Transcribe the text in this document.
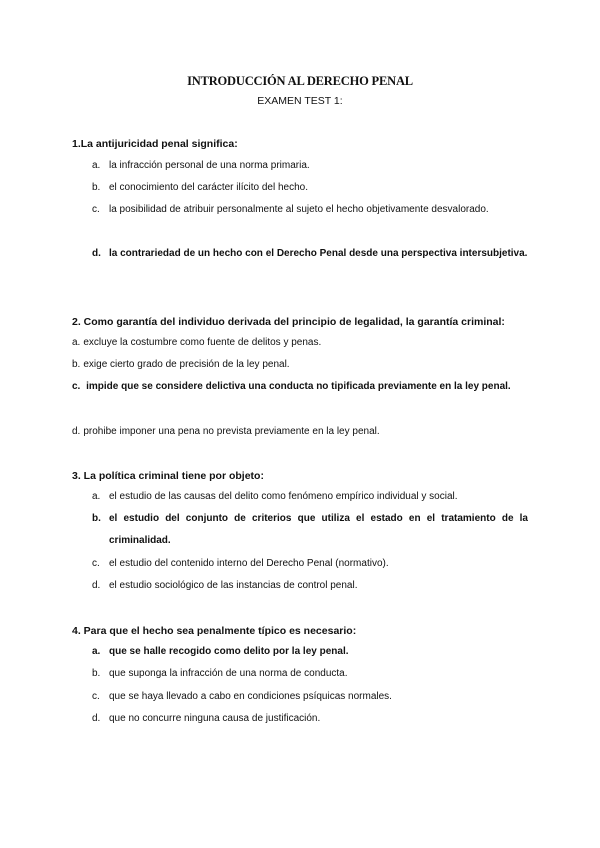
INTRODUCCIÓN AL DERECHO PENAL
EXAMEN TEST 1:
1.La antijuricidad penal significa:
a. la infracción personal de una norma primaria.
b. el conocimiento del carácter ilícito del hecho.
c. la posibilidad de atribuir personalmente al sujeto el hecho objetivamente desvalorado.
d. la contrariedad de un hecho con el Derecho Penal desde una perspectiva intersubjetiva.
2. Como garantía del individuo derivada del principio de legalidad, la garantía criminal:
a. excluye la costumbre como fuente de delitos y penas.
b. exige cierto grado de precisión de la ley penal.
c. impide que se considere delictiva una conducta no tipificada previamente en la ley penal.
d. prohibe imponer una pena no prevista previamente en la ley penal.
3. La política criminal tiene por objeto:
a. el estudio de las causas del delito como fenómeno empírico individual y social.
b. el estudio del conjunto de criterios que utiliza el estado en el tratamiento de la criminalidad.
c. el estudio del contenido interno del Derecho Penal (normativo).
d. el estudio sociológico de las instancias de control penal.
4. Para que el hecho sea penalmente típico es necesario:
a. que se halle recogido como delito por la ley penal.
b. que suponga la infracción de una norma de conducta.
c. que se haya llevado a cabo en condiciones psíquicas normales.
d. que no concurre ninguna causa de justificación.
